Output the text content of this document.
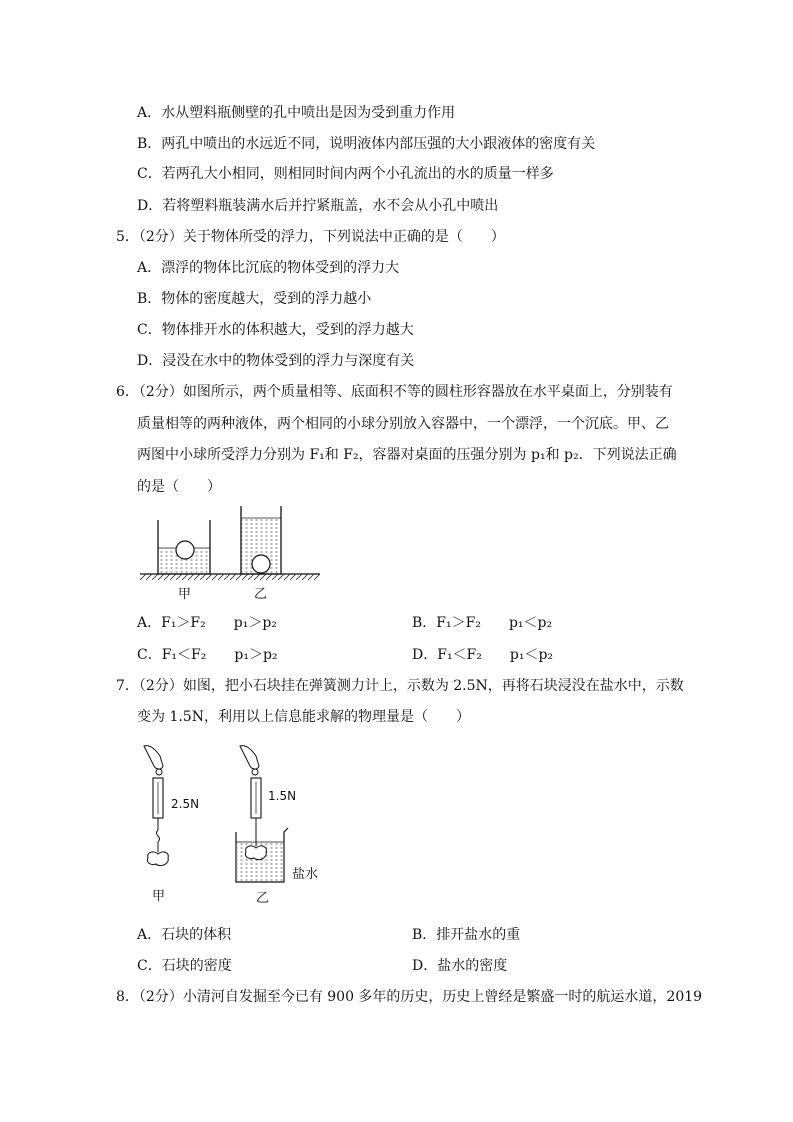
A．水从塑料瓶侧壁的孔中喷出是因为受到重力作用
B．两孔中喷出的水远近不同，说明液体内部压强的大小跟液体的密度有关
C．若两孔大小相同，则相同时间内两个小孔流出的水的质量一样多
D．若将塑料瓶装满水后并拧紧瓶盖，水不会从小孔中喷出
5．（2分）关于物体所受的浮力，下列说法中正确的是（　　）
A．漂浮的物体比沉底的物体受到的浮力大
B．物体的密度越大，受到的浮力越小
C．物体排开水的体积越大，受到的浮力越大
D．浸没在水中的物体受到的浮力与深度有关
6．（2分）如图所示，两个质量相等、底面积不等的圆柱形容器放在水平桌面上，分别装有
质量相等的两种液体，两个相同的小球分别放入容器中，一个漂浮，一个沉底。甲、乙
两图中小球所受浮力分别为 F₁和 F₂，容器对桌面的压强分别为 p₁和 p₂．下列说法正确
的是（　　）
甲	乙
A．F₁＞F₂　　p₁＞p₂	B．F₁＞F₂　　p₁＜p₂
C．F₁＜F₂　　p₁＞p₂	D．F₁＜F₂　　p₁＜p₂
7．（2分）如图，把小石块挂在弹簧测力计上，示数为 2.5N，再将石块浸没在盐水中，示数
变为 1.5N，利用以上信息能求解的物理量是（　　）
2.5N
甲
1.5N
盐水
乙
A．石块的体积	B．排开盐水的重
C．石块的密度	D．盐水的密度
8．（2分）小清河自发掘至今已有 900 多年的历史，历史上曾经是繁盛一时的航运水道，2019
